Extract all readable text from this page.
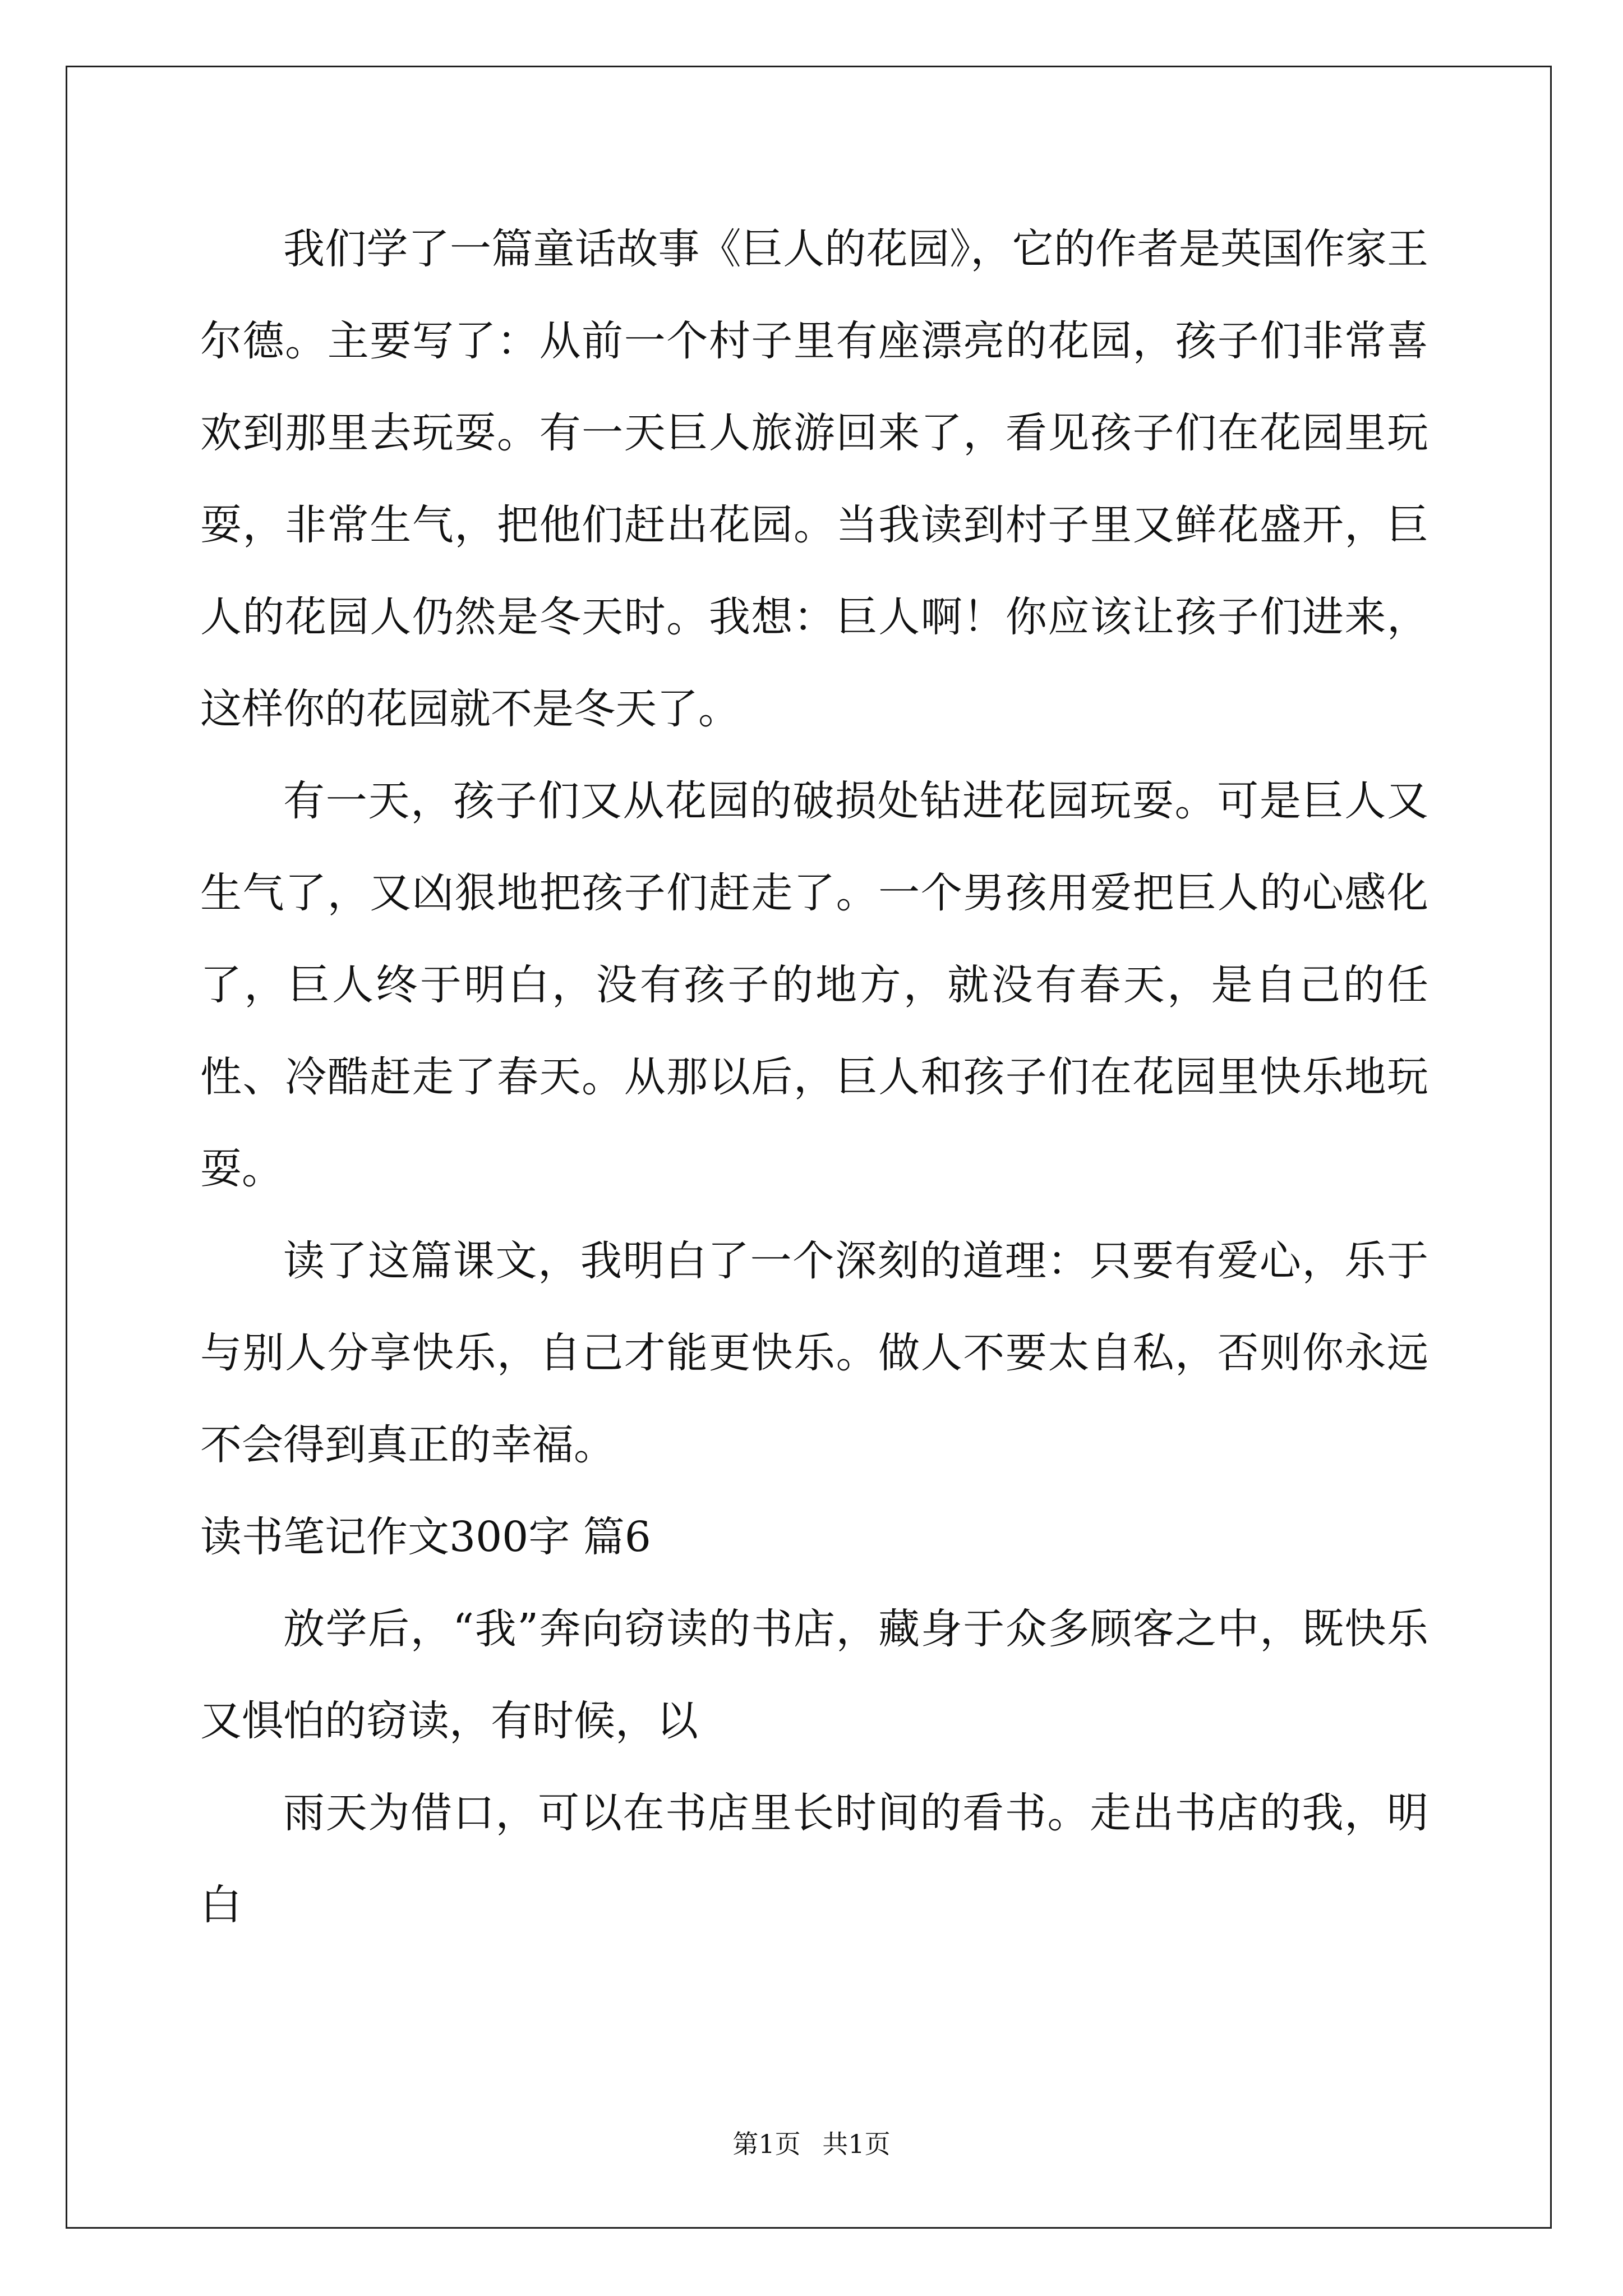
我们学了一篇童话故事《巨人的花园》，它的作者是英国作家王尔德。主要写了：从前一个村子里有座漂亮的花园，孩子们非常喜欢到那里去玩耍。有一天巨人旅游回来了，看见孩子们在花园里玩耍，非常生气，把他们赶出花园。当我读到村子里又鲜花盛开，巨人的花园人仍然是冬天时。我想：巨人啊！你应该让孩子们进来，这样你的花园就不是冬天了。

有一天，孩子们又从花园的破损处钻进花园玩耍。可是巨人又生气了，又凶狠地把孩子们赶走了。一个男孩用爱把巨人的心感化了，巨人终于明白，没有孩子的地方，就没有春天，是自己的任性、冷酷赶走了春天。从那以后，巨人和孩子们在花园里快乐地玩耍。

读了这篇课文，我明白了一个深刻的道理：只要有爱心，乐于与别人分享快乐，自己才能更快乐。做人不要太自私，否则你永远不会得到真正的幸福。

读书笔记作文300字 篇6

放学后，“我”奔向窃读的书店，藏身于众多顾客之中，既快乐又惧怕的窃读，有时候，以

雨天为借口，可以在书店里长时间的看书。走出书店的我，明白

第1页 共1页
